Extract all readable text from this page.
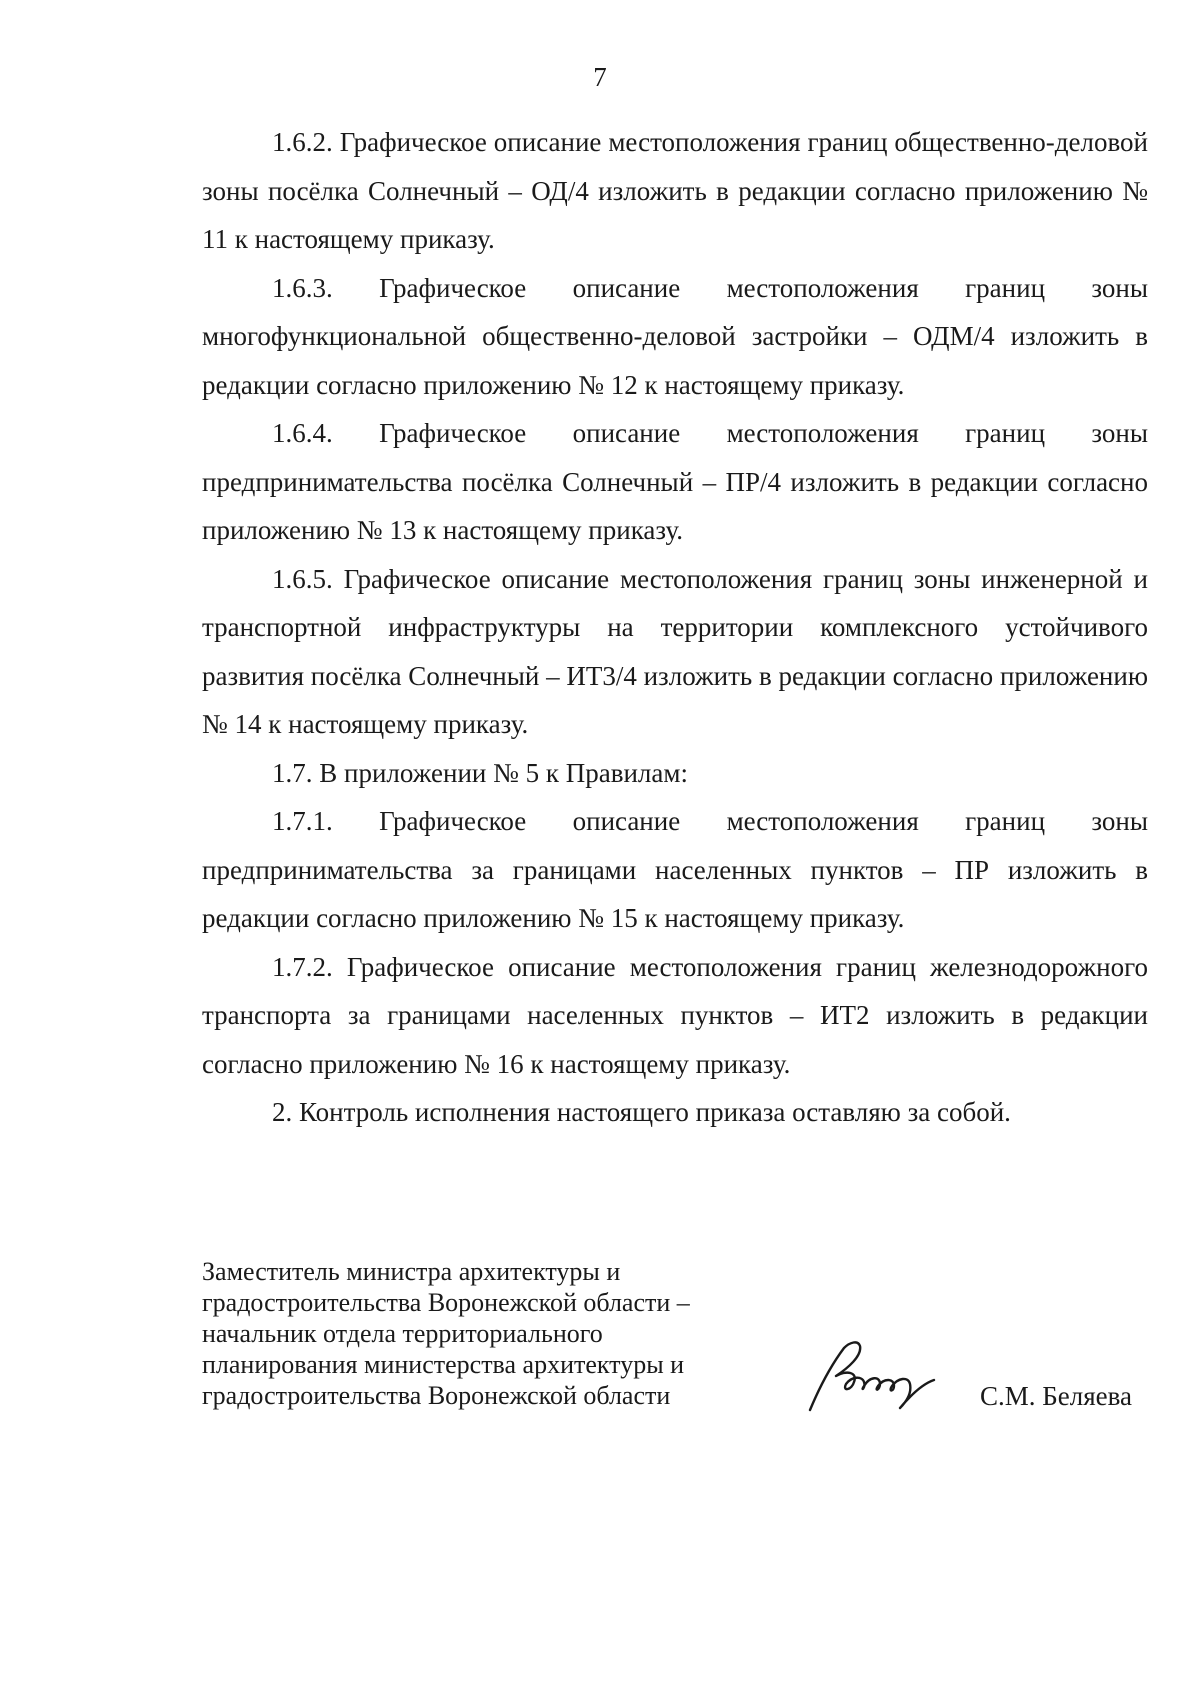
7

1.6.2. Графическое описание местоположения границ общественно-деловой зоны посёлка Солнечный – ОД/4 изложить в редакции согласно приложению № 11 к настоящему приказу.

1.6.3. Графическое описание местоположения границ зоны многофункциональной общественно-деловой застройки – ОДМ/4 изложить в редакции согласно приложению № 12 к настоящему приказу.

1.6.4. Графическое описание местоположения границ зоны предпринимательства посёлка Солнечный – ПР/4 изложить в редакции согласно приложению № 13 к настоящему приказу.

1.6.5. Графическое описание местоположения границ зоны инженерной и транспортной инфраструктуры на территории комплексного устойчивого развития посёлка Солнечный – ИТ3/4 изложить в редакции согласно приложению № 14 к настоящему приказу.

1.7. В приложении № 5 к Правилам:

1.7.1. Графическое описание местоположения границ зоны предпринимательства за границами населенных пунктов – ПР изложить в редакции согласно приложению № 15 к настоящему приказу.

1.7.2. Графическое описание местоположения границ железнодорожного транспорта за границами населенных пунктов – ИТ2 изложить в редакции согласно приложению № 16 к настоящему приказу.

2. Контроль исполнения настоящего приказа оставляю за собой.

Заместитель министра архитектуры и
градостроительства Воронежской области –
начальник отдела территориального
планирования министерства архитектуры и
градостроительства Воронежской области	С.М. Беляева
